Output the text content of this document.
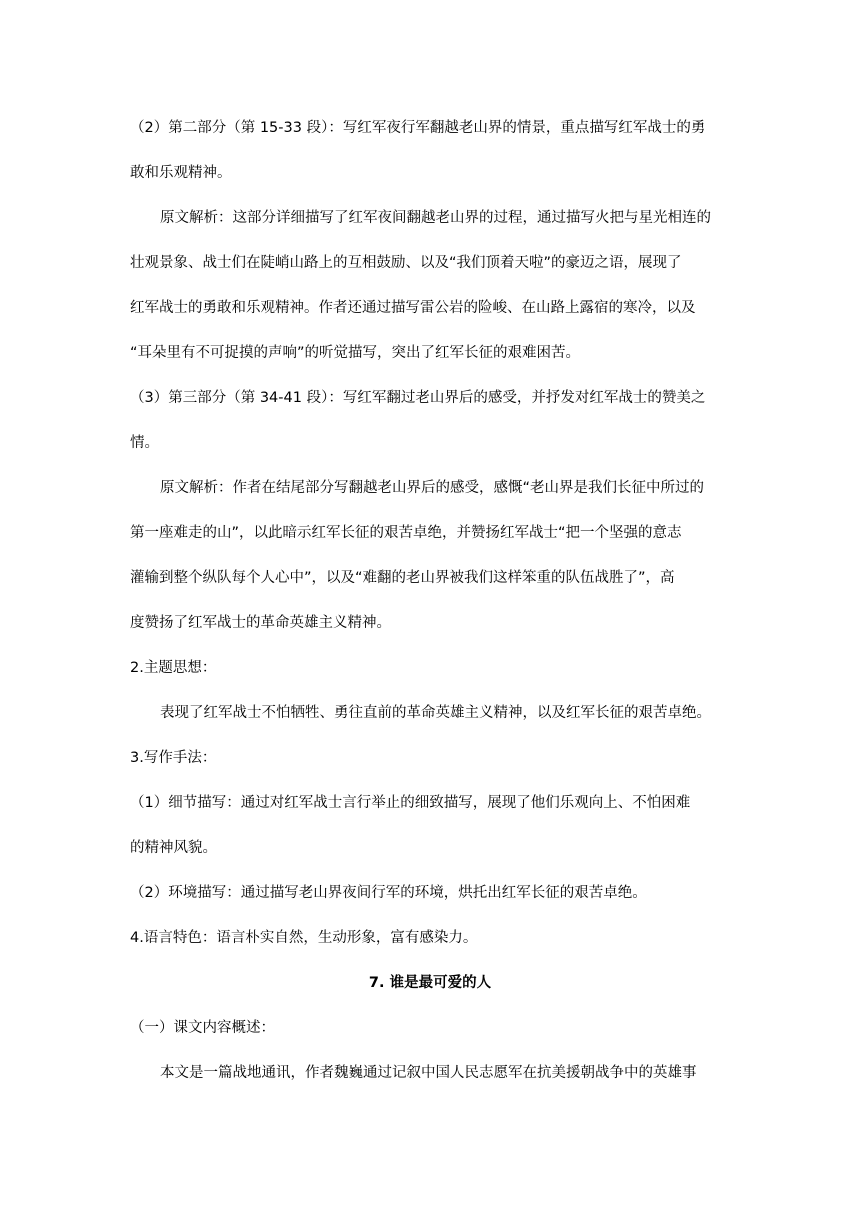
（2）第二部分（第 15-33 段）：写红军夜行军翻越老山界的情景，重点描写红军战士的勇
敢和乐观精神。
原文解析：这部分详细描写了红军夜间翻越老山界的过程，通过描写火把与星光相连的
壮观景象、战士们在陡峭山路上的互相鼓励、以及“我们顶着天啦”的豪迈之语，展现了
红军战士的勇敢和乐观精神。作者还通过描写雷公岩的险峻、在山路上露宿的寒冷，以及
“耳朵里有不可捉摸的声响”的听觉描写，突出了红军长征的艰难困苦。
（3）第三部分（第 34-41 段）：写红军翻过老山界后的感受，并抒发对红军战士的赞美之
情。
原文解析：作者在结尾部分写翻越老山界后的感受，感慨“老山界是我们长征中所过的
第一座难走的山”，以此暗示红军长征的艰苦卓绝，并赞扬红军战士“把一个坚强的意志
灌输到整个纵队每个人心中”，以及“难翻的老山界被我们这样笨重的队伍战胜了”，高
度赞扬了红军战士的革命英雄主义精神。
2.主题思想：
表现了红军战士不怕牺牲、勇往直前的革命英雄主义精神，以及红军长征的艰苦卓绝。
3.写作手法：
（1）细节描写：通过对红军战士言行举止的细致描写，展现了他们乐观向上、不怕困难
的精神风貌。
（2）环境描写：通过描写老山界夜间行军的环境，烘托出红军长征的艰苦卓绝。
4.语言特色：语言朴实自然，生动形象，富有感染力。
7. 谁是最可爱的人
（一）课文内容概述：
本文是一篇战地通讯，作者魏巍通过记叙中国人民志愿军在抗美援朝战争中的英雄事
